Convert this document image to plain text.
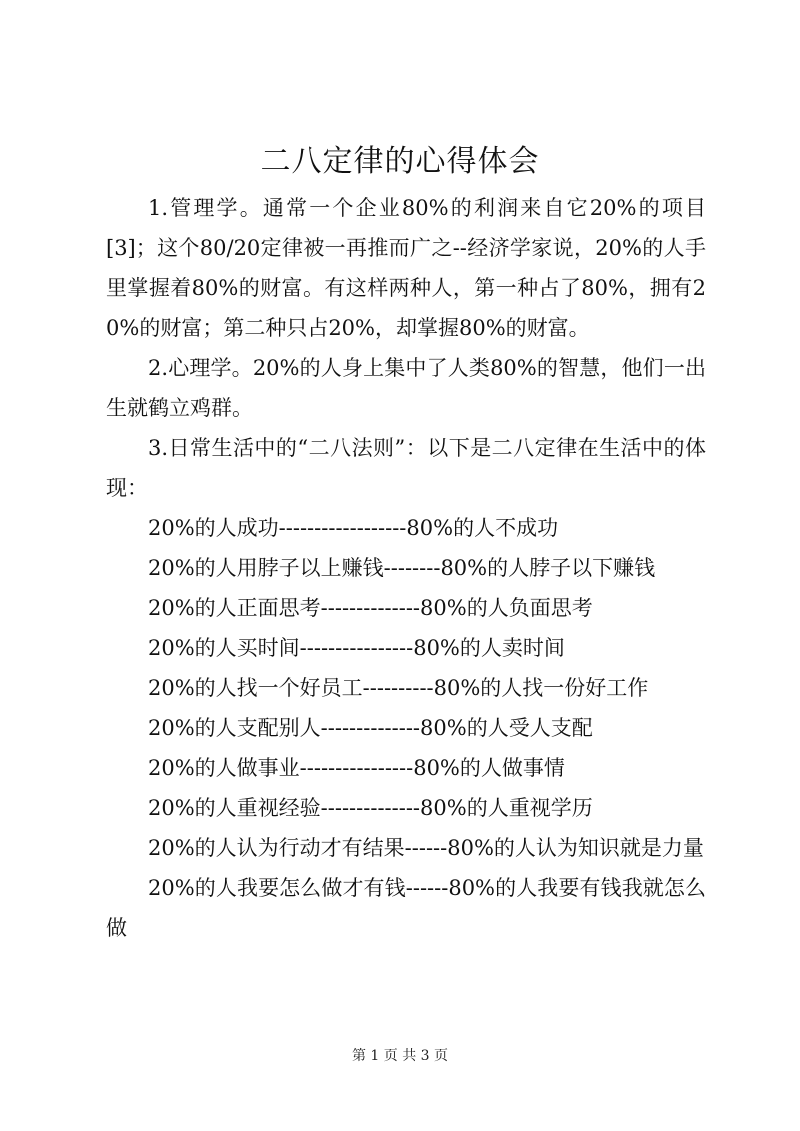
二八定律的心得体会

1.管理学。通常一个企业80%的利润来自它20%的项目[3]；这个80/20定律被一再推而广之--经济学家说，20%的人手里掌握着80%的财富。有这样两种人，第一种占了80%，拥有20%的财富；第二种只占20%，却掌握80%的财富。

2.心理学。20%的人身上集中了人类80%的智慧，他们一出生就鹤立鸡群。

3.日常生活中的“二八法则”：以下是二八定律在生活中的体现：

20%的人成功------------------80%的人不成功

20%的人用脖子以上赚钱--------80%的人脖子以下赚钱

20%的人正面思考--------------80%的人负面思考

20%的人买时间----------------80%的人卖时间

20%的人找一个好员工----------80%的人找一份好工作

20%的人支配别人--------------80%的人受人支配

20%的人做事业----------------80%的人做事情

20%的人重视经验--------------80%的人重视学历

20%的人认为行动才有结果------80%的人认为知识就是力量

20%的人我要怎么做才有钱------80%的人我要有钱我就怎么做

第 1 页 共 3 页
